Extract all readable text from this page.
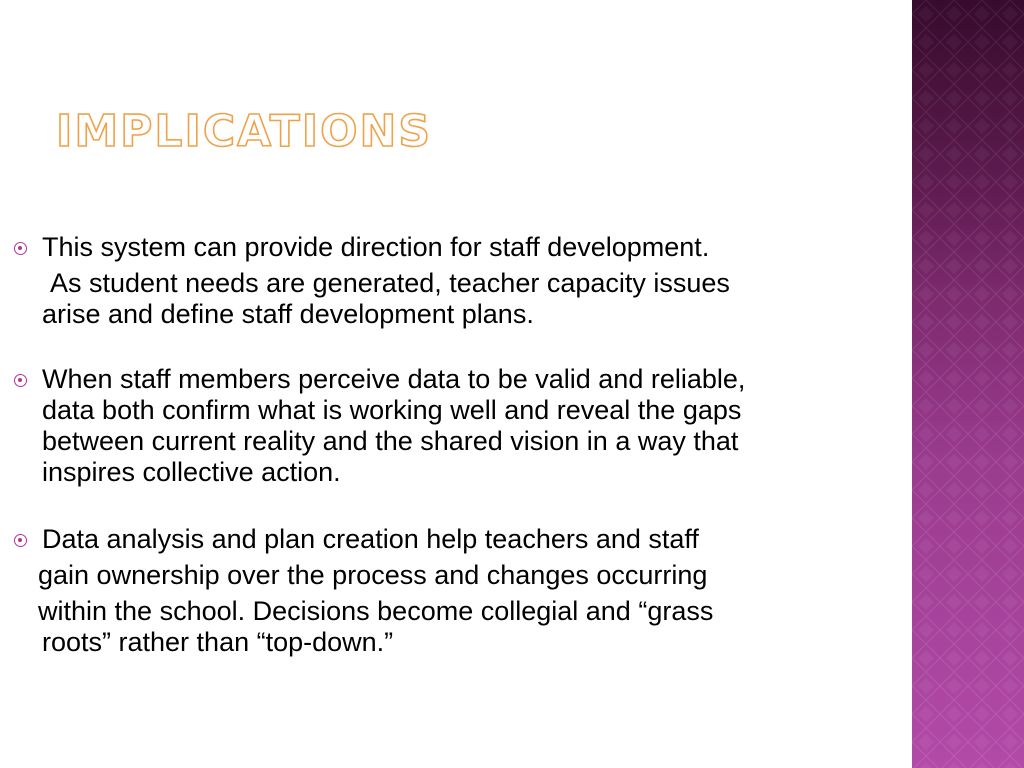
IMPLICATIONS

This system can provide direction for staff development.
As student needs are generated, teacher capacity issues
arise and define staff development plans.

When staff members perceive data to be valid and reliable,
data both confirm what is working well and reveal the gaps
between current reality and the shared vision in a way that
inspires collective action.

Data analysis and plan creation help teachers and staff
gain ownership over the process and changes occurring
within the school. Decisions become collegial and “grass
roots” rather than “top-down.”
